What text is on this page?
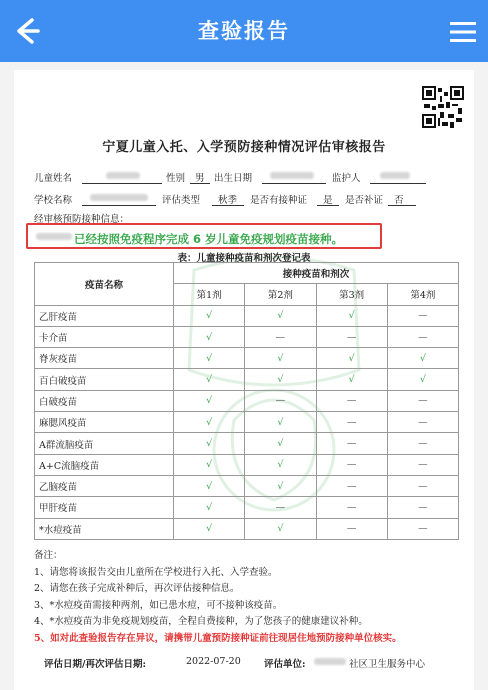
查验报告
宁夏儿童入托、入学预防接种情况评估审核报告
儿童姓名	性别 男 出生日期	监护人
学校名称	评估类型 秋季 是否有接种证 是 是否补证 否
经审核预防接种信息：
已经按照免疫程序完成 6 岁儿童免疫规划疫苗接种。
表：儿童接种疫苗和剂次登记表
疫苗名称	接种疫苗和剂次			
	第1剂	第2剂	第3剂	第4剂
乙肝疫苗	√	√	√	—
卡介苗	√	—	—	—
脊灰疫苗	√	√	√	√
百白破疫苗	√	√	√	√
白破疫苗	√	—	—	—
麻腮风疫苗	√	√	—	—
A群流脑疫苗	√	√	—	—
A+C流脑疫苗	√	√	—	—
乙脑疫苗	√	√	—	—
甲肝疫苗	√	—	—	—
*水痘疫苗	√	√	—	—
备注：
1、请您将该报告交由儿童所在学校进行入托、入学查验。
2、请您在孩子完成补种后，再次评估接种信息。
3、*水痘疫苗需接种两剂，如已患水痘，可不接种该疫苗。
4、*水痘疫苗为非免疫规划疫苗，全程自费接种，为了您孩子的健康建议补种。
5、如对此查验报告存在异议，请携带儿童预防接种证前往现居住地预防接种单位核实。
评估日期/再次评估日期:	2022-07-20 评估单位:	社区卫生服务中心
